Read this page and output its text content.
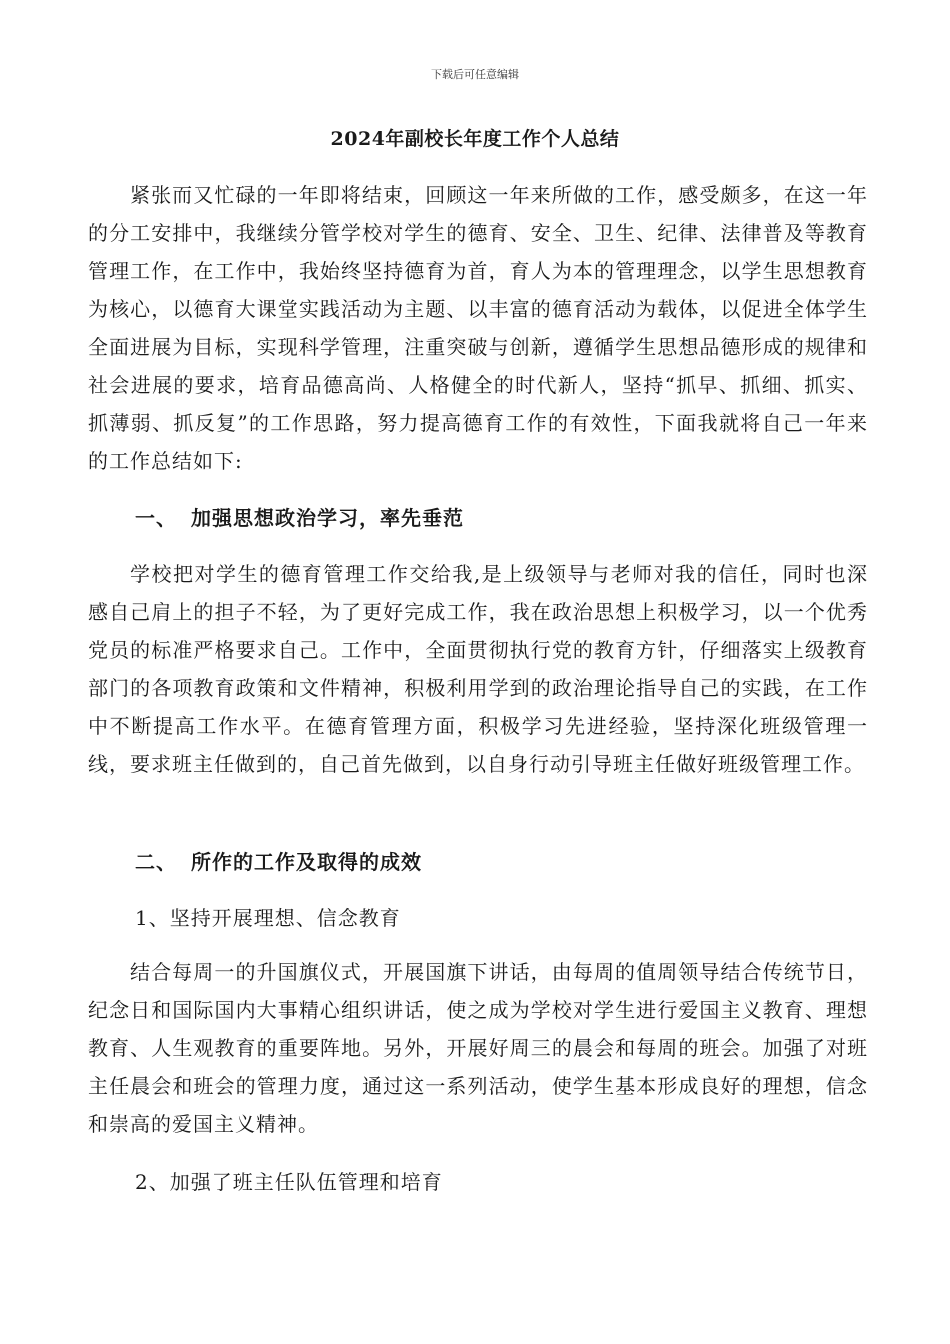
下载后可任意编辑
2024年副校长年度工作个人总结

紧张而又忙碌的一年即将结束，回顾这一年来所做的工作，感受颇多，在这一年的分工安排中，我继续分管学校对学生的德育、安全、卫生、纪律、法律普及等教育管理工作，在工作中，我始终坚持德育为首，育人为本的管理理念，以学生思想教育为核心，以德育大课堂实践活动为主题、以丰富的德育活动为载体，以促进全体学生全面进展为目标，实现科学管理，注重突破与创新，遵循学生思想品德形成的规律和社会进展的要求，培育品德高尚、人格健全的时代新人，坚持“抓早、抓细、抓实、抓薄弱、抓反复”的工作思路，努力提高德育工作的有效性，下面我就将自己一年来的工作总结如下:

一、 加强思想政治学习，率先垂范

学校把对学生的德育管理工作交给我,是上级领导与老师对我的信任，同时也深感自己肩上的担子不轻，为了更好完成工作，我在政治思想上积极学习，以一个优秀党员的标准严格要求自己。工作中，全面贯彻执行党的教育方针，仔细落实上级教育部门的各项教育政策和文件精神，积极利用学到的政治理论指导自己的实践，在工作中不断提高工作水平。在德育管理方面，积极学习先进经验，坚持深化班级管理一线，要求班主任做到的，自己首先做到，以自身行动引导班主任做好班级管理工作。

二、 所作的工作及取得的成效
1、坚持开展理想、信念教育

结合每周一的升国旗仪式，开展国旗下讲话，由每周的值周领导结合传统节日，纪念日和国际国内大事精心组织讲话，使之成为学校对学生进行爱国主义教育、理想教育、人生观教育的重要阵地。另外，开展好周三的晨会和每周的班会。加强了对班主任晨会和班会的管理力度，通过这一系列活动，使学生基本形成良好的理想，信念和崇高的爱国主义精神。

2、加强了班主任队伍管理和培育
